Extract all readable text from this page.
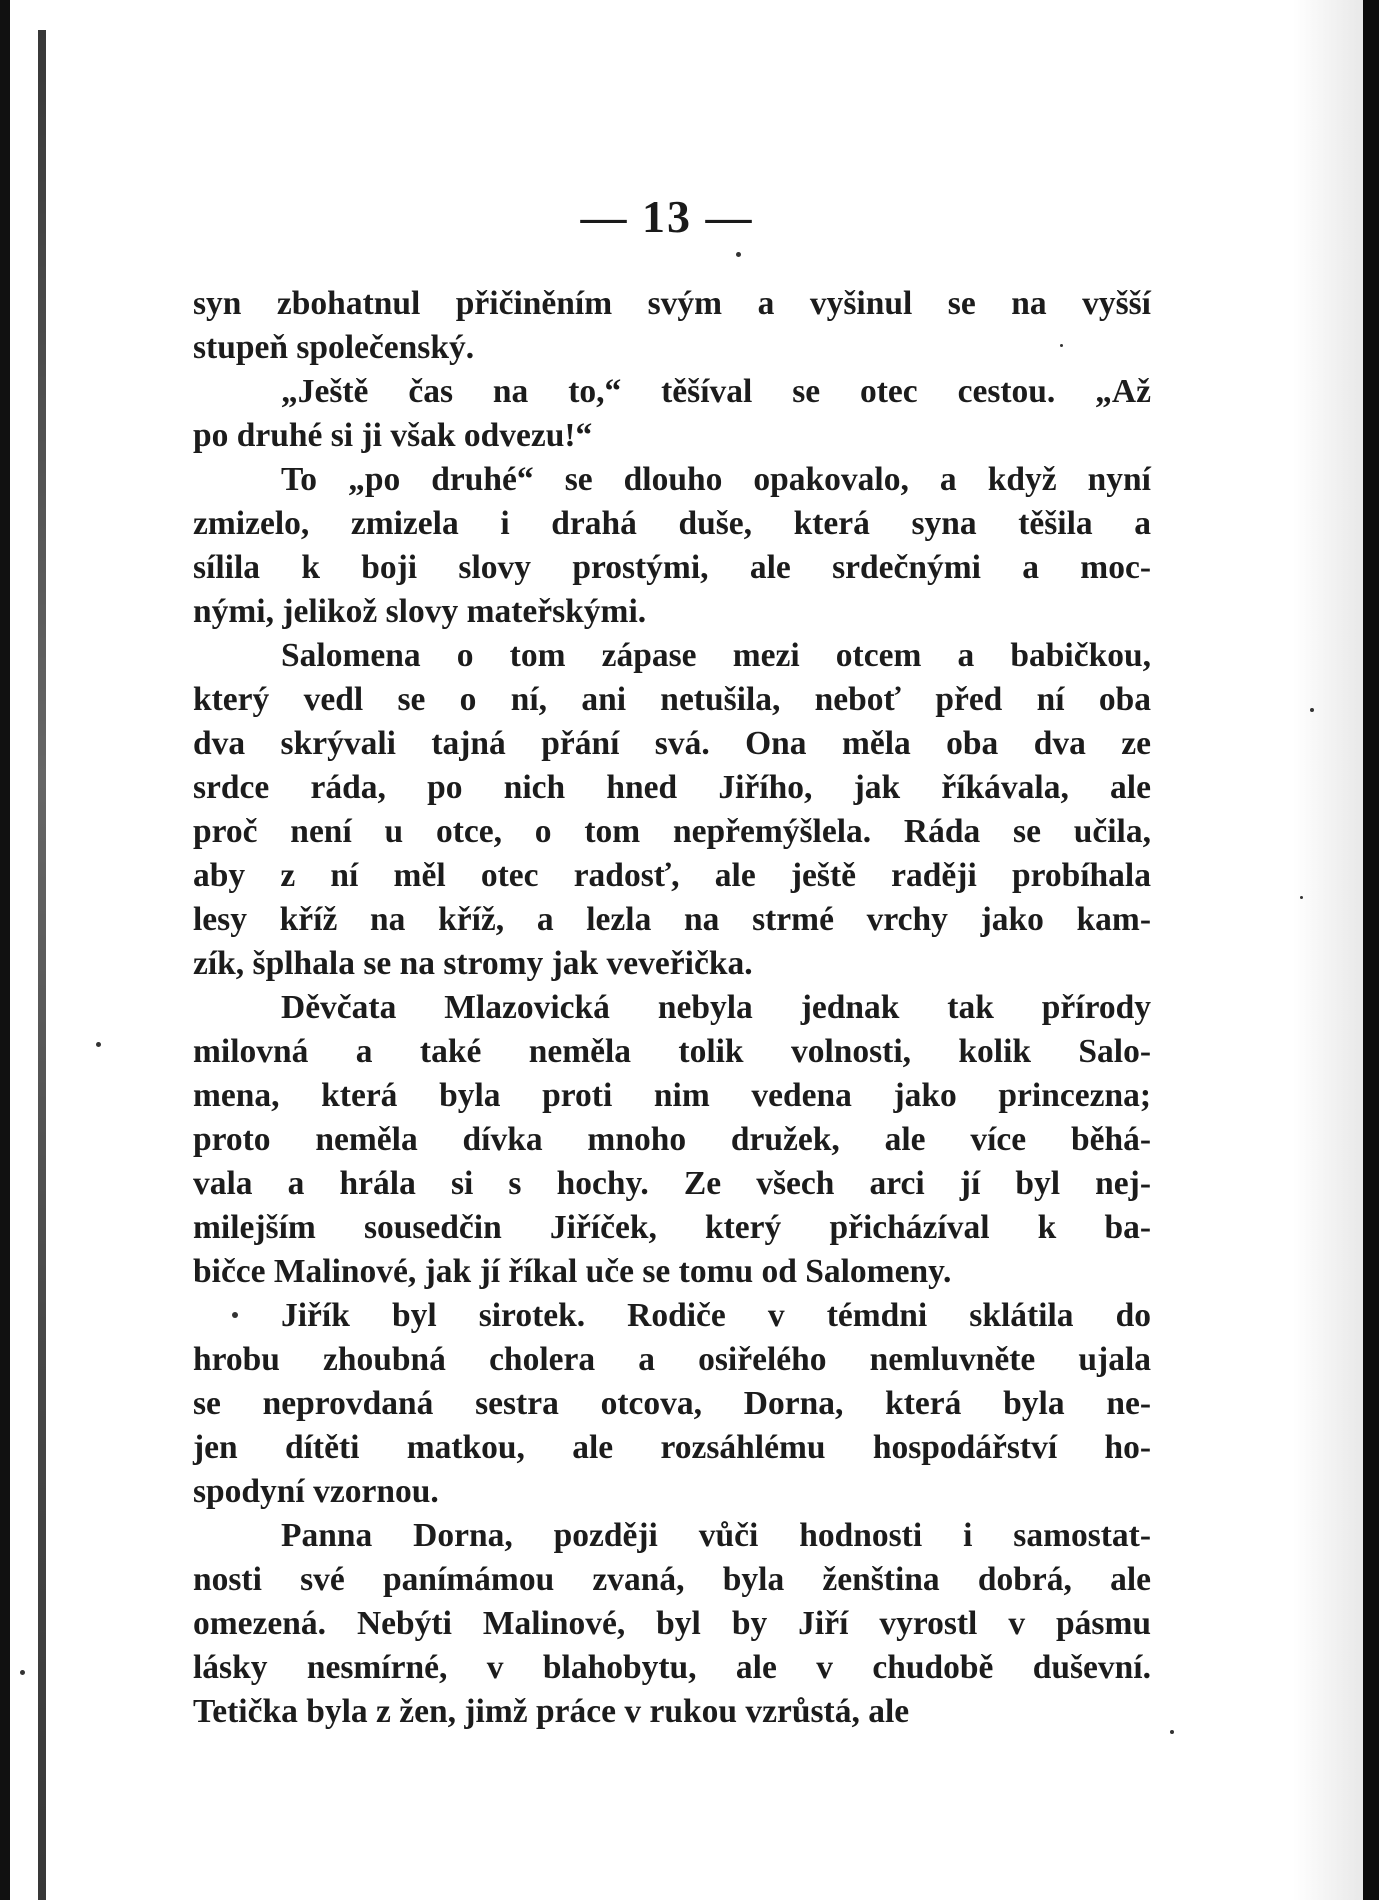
— 13 —

syn zbohatnul přičiněním svým a vyšinul se na vyšší
stupeň společenský.

„Ještě čas na to,“ těšíval se otec cestou. „Až
po druhé si ji však odvezu!“

To „po druhé“ se dlouho opakovalo, a když nyní
zmizelo, zmizela i drahá duše, která syna těšila a
sílila k boji slovy prostými, ale srdečnými a moc-
nými, jelikož slovy mateřskými.

Salomena o tom zápase mezi otcem a babičkou,
který vedl se o ní, ani netušila, neboť před ní oba
dva skrývali tajná přání svá. Ona měla oba dva ze
srdce ráda, po nich hned Jiřího, jak říkávala, ale
proč není u otce, o tom nepřemýšlela. Ráda se učila,
aby z ní měl otec radosť, ale ještě raději probíhala
lesy kříž na kříž, a lezla na strmé vrchy jako kam-
zík, šplhala se na stromy jak veveřička.

Děvčata Mlazovická nebyla jednak tak přírody
milovná a také neměla tolik volnosti, kolik Salo-
mena, která byla proti nim vedena jako princezna;
proto neměla dívka mnoho družek, ale více běhá-
vala a hrála si s hochy. Ze všech arci jí byl nej-
milejším sousedčin Jiříček, který přicházíval k ba-
bičce Malinové, jak jí říkal uče se tomu od Salomeny.

Jiřík byl sirotek. Rodiče v témdni sklátila do
hrobu zhoubná cholera a osiřelého nemluvněte ujala
se neprovdaná sestra otcova, Dorna, která byla ne-
jen dítěti matkou, ale rozsáhlému hospodářství ho-
spodyní vzornou.

Panna Dorna, později vůči hodnosti i samostat-
nosti své panímámou zvaná, byla ženština dobrá, ale
omezená. Nebýti Malinové, byl by Jiří vyrostl v pásmu
lásky nesmírné, v blahobytu, ale v chudobě duševní.
Tetička byla z žen, jimž práce v rukou vzrůstá, ale
